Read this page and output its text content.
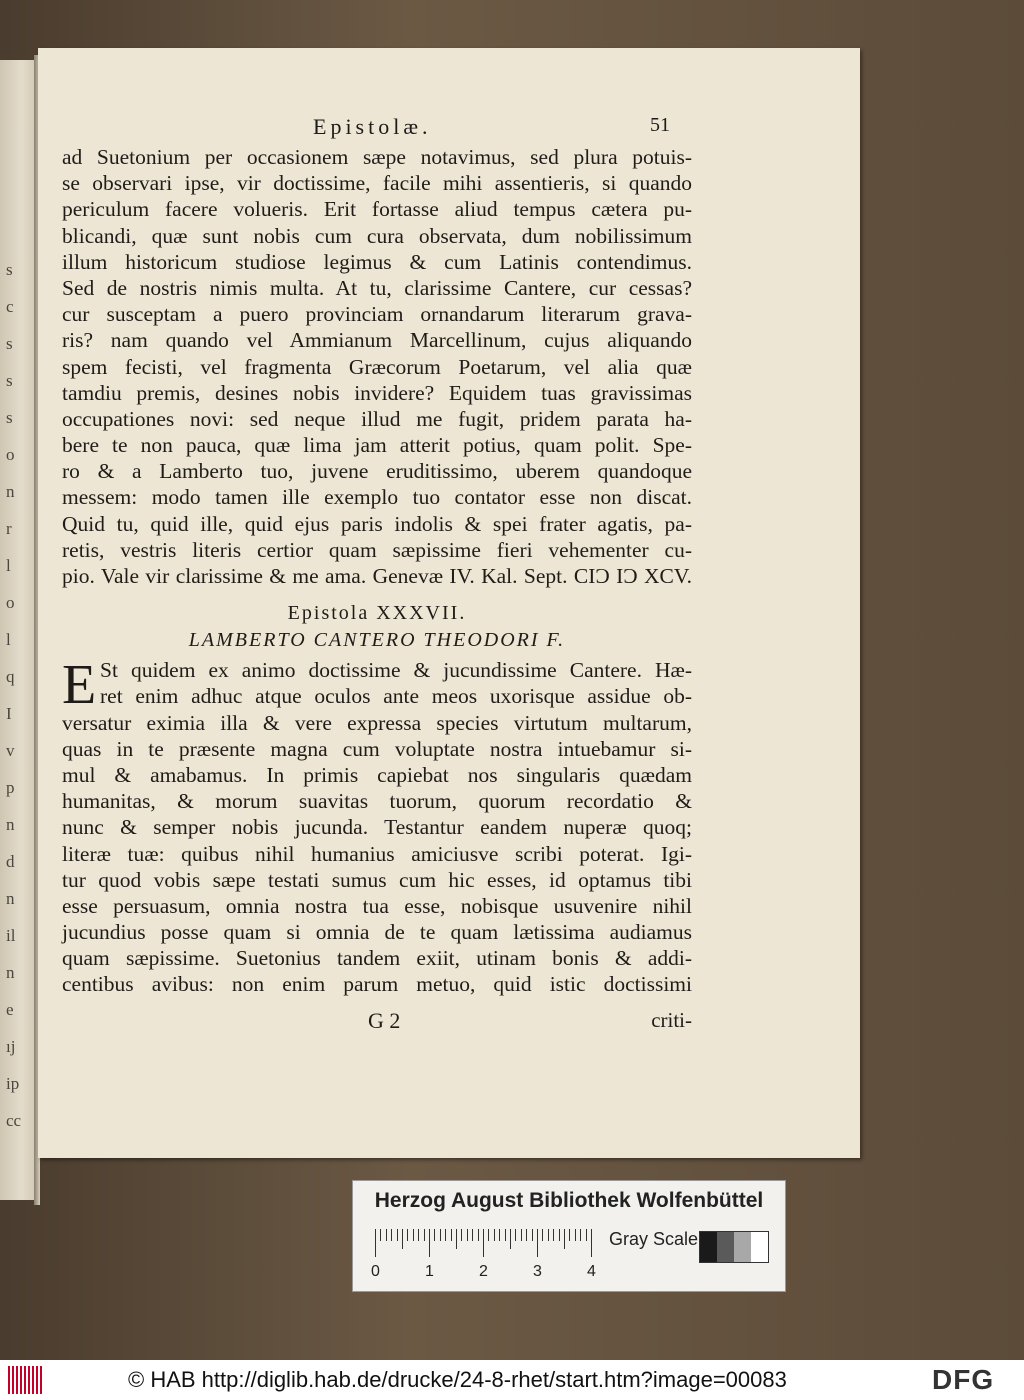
s
c
s
s
s
o
n
r
l
o
l
q
I
v
p
n
d
n
il
n
e
ıj
ip
cc
Epistolæ.	51
ad Suetonium per occasionem sæpe notavimus, sed plura potuis-
se observari ipse, vir doctissime, facile mihi assentieris, si quando
periculum facere volueris. Erit fortasse aliud tempus cætera pu-
blicandi, quæ sunt nobis cum cura observata, dum nobilissimum
illum historicum studiose legimus & cum Latinis contendimus.
Sed de nostris nimis multa. At tu, clarissime Cantere, cur cessas?
cur susceptam a puero provinciam ornandarum literarum grava-
ris? nam quando vel Ammianum Marcellinum, cujus aliquando
spem fecisti, vel fragmenta Græcorum Poetarum, vel alia quæ
tamdiu premis, desines nobis invidere? Equidem tuas gravissimas
occupationes novi: sed neque illud me fugit, pridem parata ha-
bere te non pauca, quæ lima jam atterit potius, quam polit. Spe-
ro & a Lamberto tuo, juvene eruditissimo, uberem quandoque
messem: modo tamen ille exemplo tuo contator esse non discat.
Quid tu, quid ille, quid ejus paris indolis & spei frater agatis, pa-
retis, vestris literis certior quam sæpissime fieri vehementer cu-
pio. Vale vir clarissime & me ama. Genevæ IV. Kal. Sept. CIƆ IƆ XCV.
Epistola XXXVII.
LAMBERTO CANTERO THEODORI F.
E St quidem ex animo doctissime & jucundissime Cantere. Hæ-
ret enim adhuc atque oculos ante meos uxorisque assidue ob-
versatur eximia illa & vere expressa species virtutum multarum,
quas in te præsente magna cum voluptate nostra intuebamur si-
mul & amabamus. In primis capiebat nos singularis quædam
humanitas, & morum suavitas tuorum, quorum recordatio &
nunc & semper nobis jucunda. Testantur eandem nuperæ quoq;
literæ tuæ: quibus nihil humanius amiciusve scribi poterat. Igi-
tur quod vobis sæpe testati sumus cum hic esses, id optamus tibi
esse persuasum, omnia nostra tua esse, nobisque usuvenire nihil
jucundius posse quam si omnia de te quam lætissima audiamus
quam sæpissime. Suetonius tandem exiit, utinam bonis & addi-
centibus avibus: non enim parum metuo, quid istic doctissimi
G 2	criti-
Herzog August Bibliothek Wolfenbüttel
0	1	2	3	4
Gray Scale
© HAB http://diglib.hab.de/drucke/24-8-rhet/start.htm?image=00083	DFG
